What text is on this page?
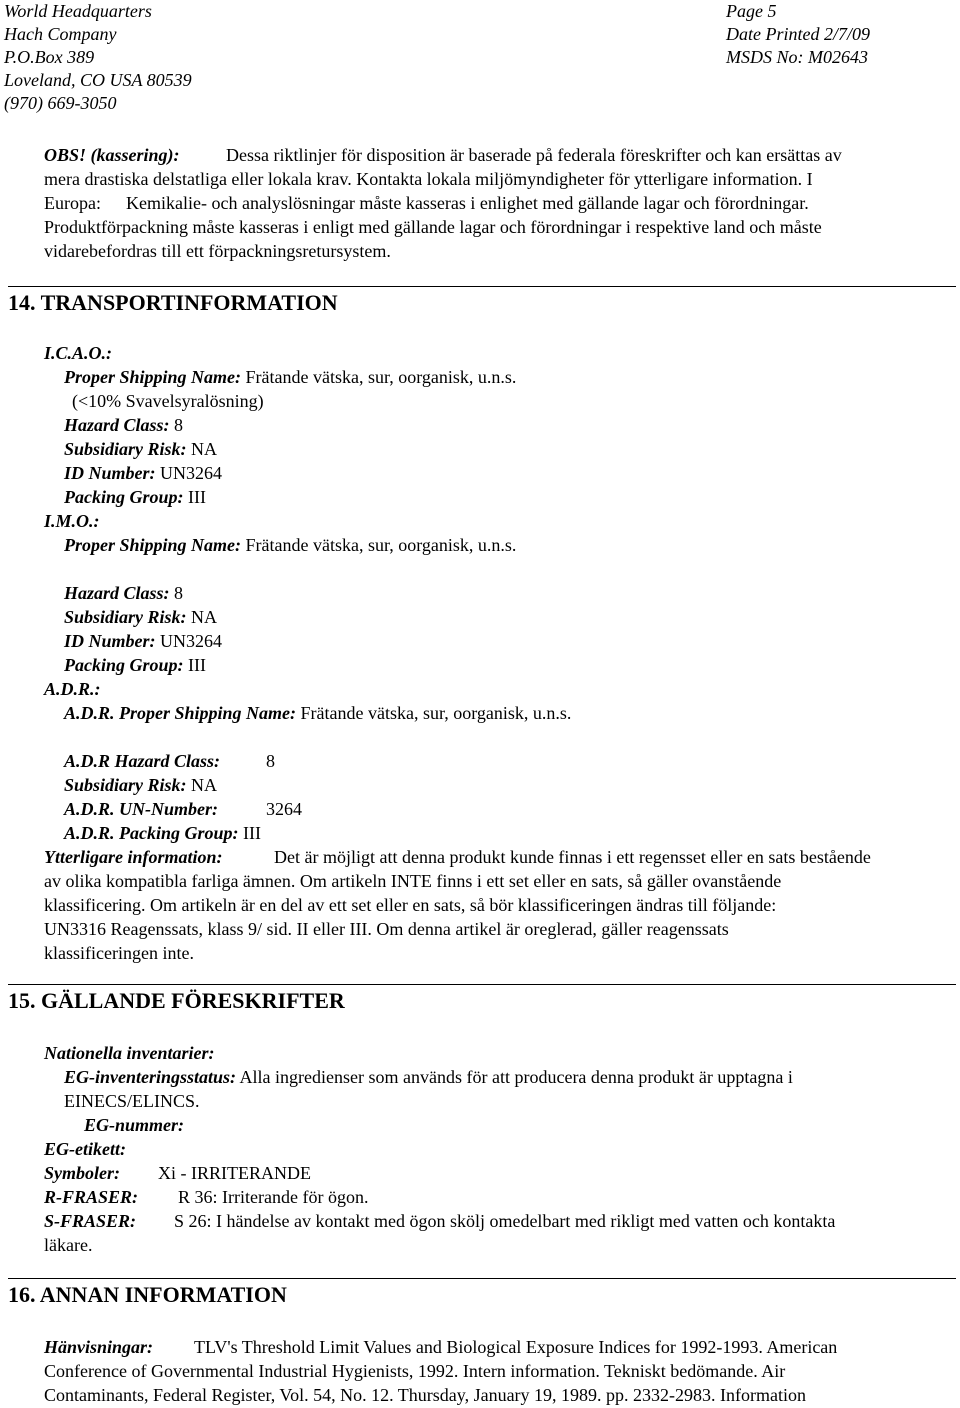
World Headquarters
Hach Company
P.O.Box 389
Loveland, CO USA 80539
(970) 669-3050
Page 5
Date Printed 2/7/09
MSDS No: M02643
OBS! (kassering):	Dessa riktlinjer för disposition är baserade på federala föreskrifter och kan ersättas av
mera drastiska delstatliga eller lokala krav. Kontakta lokala miljömyndigheter för ytterligare information. I
Europa: Kemikalie- och analyslösningar måste kasseras i enlighet med gällande lagar och förordningar.
Produktförpackning måste kasseras i enligt med gällande lagar och förordningar i respektive land och måste
vidarebefordras till ett förpackningsretursystem.
14. TRANSPORTINFORMATION
I.C.A.O.:
Proper Shipping Name: Frätande vätska, sur, oorganisk, u.n.s.
(<10% Svavelsyralösning)
Hazard Class: 8
Subsidiary Risk: NA
ID Number: UN3264
Packing Group: III
I.M.O.:
Proper Shipping Name: Frätande vätska, sur, oorganisk, u.n.s.
Hazard Class: 8
Subsidiary Risk: NA
ID Number: UN3264
Packing Group: III
A.D.R.:
A.D.R. Proper Shipping Name: Frätande vätska, sur, oorganisk, u.n.s.
A.D.R Hazard Class:	8
Subsidiary Risk: NA
A.D.R. UN-Number:	3264
A.D.R. Packing Group: III
Ytterligare information:	Det är möjligt att denna produkt kunde finnas i ett regensset eller en sats bestående
av olika kompatibla farliga ämnen. Om artikeln INTE finns i ett set eller en sats, så gäller ovanstående
klassificering. Om artikeln är en del av ett set eller en sats, så bör klassificeringen ändras till följande:
UN3316 Reagenssats, klass 9/ sid. II eller III. Om denna artikel är oreglerad, gäller reagenssats
klassificeringen inte.
15. GÄLLANDE FÖRESKRIFTER
Nationella inventarier:
EG-inventeringsstatus: Alla ingredienser som används för att producera denna produkt är upptagna i
EINECS/ELINCS.
EG-nummer:
EG-etikett:
Symboler: Xi - IRRITERANDE
R-FRASER: R 36: Irriterande för ögon.
S-FRASER: S 26: I händelse av kontakt med ögon skölj omedelbart med rikligt med vatten och kontakta
läkare.
16. ANNAN INFORMATION
Hänvisningar: TLV's Threshold Limit Values and Biological Exposure Indices for 1992-1993. American
Conference of Governmental Industrial Hygienists, 1992. Intern information. Tekniskt bedömande. Air
Contaminants, Federal Register, Vol. 54, No. 12. Thursday, January 19, 1989. pp. 2332-2983. Information
